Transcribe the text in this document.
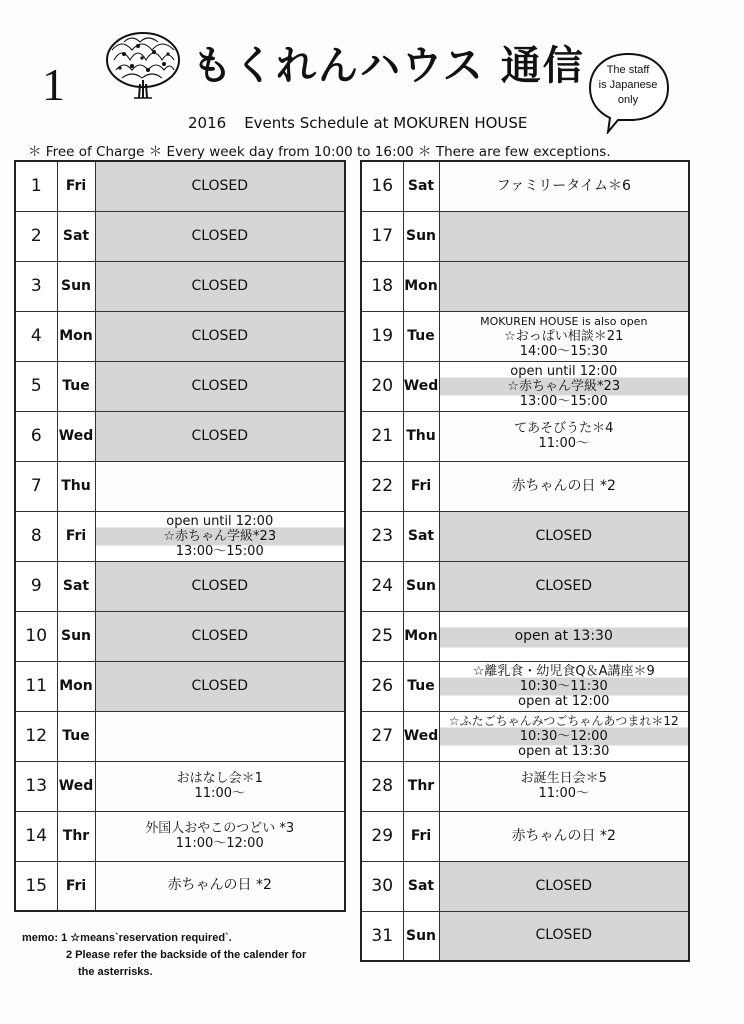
1	もくれんハウス 通信	The staff
is Japanese
only
2016 Events Schedule at MOKUREN HOUSE
＊ Free of Charge ＊ Every week day from 10:00 to 16:00 ＊ There are few exceptions.
1	Fri	CLOSED

2	Sat	CLOSED

3	Sun	CLOSED

4	Mon	CLOSED

5	Tue	CLOSED

6	Wed	CLOSED

7	Thu	
8	Fri	open until 12:00
☆赤ちゃん学級*23
13:00～15:00

9	Sat	CLOSED

10	Sun	CLOSED

11	Mon	CLOSED

12	Tue	
13	Wed	おはなし会＊1
11:00～

14	Thr	外国人おやこのつどい *3
11:00～12:00

15	Fri	赤ちゃんの日 *2
16	Sat	ファミリータイム＊6

17	Sun	
18	Mon	
19	Tue	MOKUREN HOUSE is also open
☆おっぱい相談＊21
14:00～15:30

20	Wed	open until 12:00
☆赤ちゃん学級*23
13:00～15:00

21	Thu	てあそびうた＊4
11:00～

22	Fri	赤ちゃんの日 *2

23	Sat	CLOSED

24	Sun	CLOSED

25	Mon	open at 13:30

26	Tue	☆離乳食・幼児食Q＆A講座＊9
10:30～11:30
open at 12:00

27	Wed	☆ふたごちゃんみつごちゃんあつまれ＊12
10:30～12:00
open at 13:30

28	Thr	お誕生日会＊5
11:00～

29	Fri	赤ちゃんの日 *2

30	Sat	CLOSED

31	Sun	CLOSED
memo: 1 ☆means`reservation required`.
2 Please refer the backside of the calender for
the asterrisks.
